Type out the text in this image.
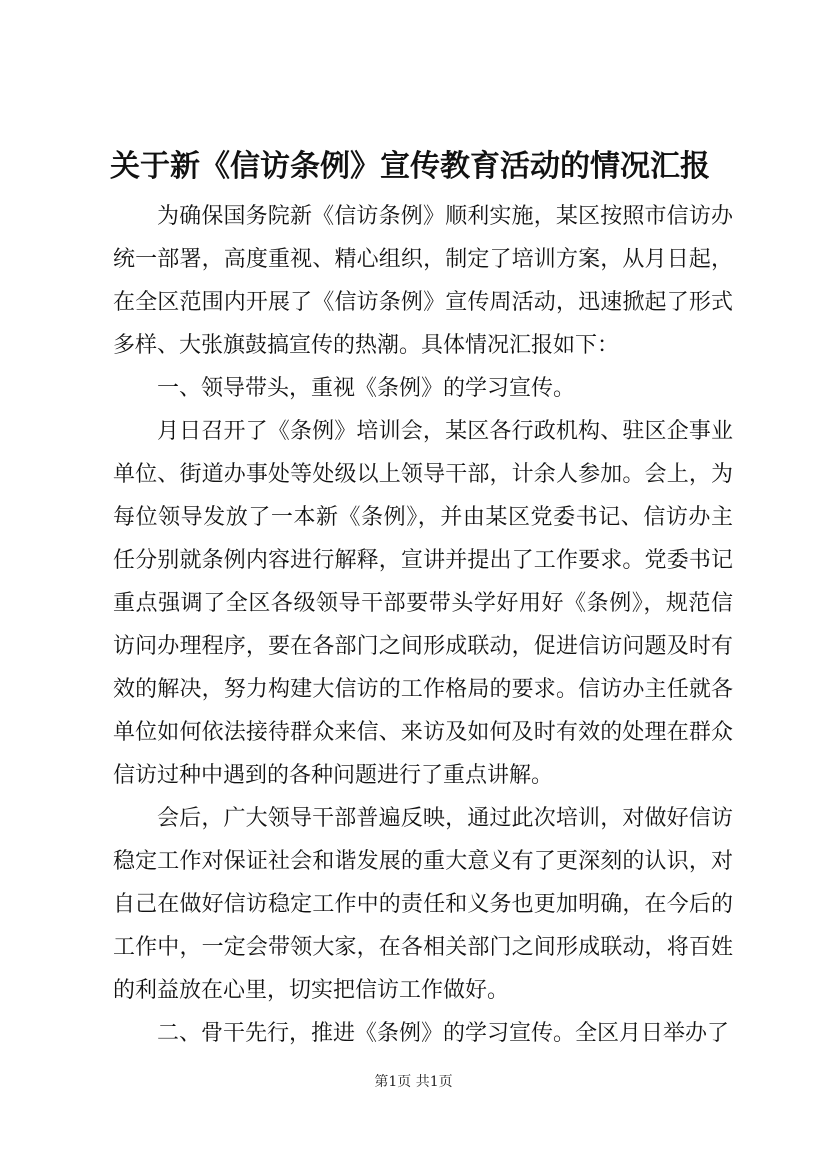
关于新《信访条例》宣传教育活动的情况汇报

为确保国务院新《信访条例》顺利实施，某区按照市信访办统一部署，高度重视、精心组织，制定了培训方案，从月日起，在全区范围内开展了《信访条例》宣传周活动，迅速掀起了形式多样、大张旗鼓搞宣传的热潮。具体情况汇报如下：

一、领导带头，重视《条例》的学习宣传。

月日召开了《条例》培训会，某区各行政机构、驻区企事业单位、街道办事处等处级以上领导干部，计余人参加。会上，为每位领导发放了一本新《条例》，并由某区党委书记、信访办主任分别就条例内容进行解释，宣讲并提出了工作要求。党委书记重点强调了全区各级领导干部要带头学好用好《条例》，规范信访问办理程序，要在各部门之间形成联动，促进信访问题及时有效的解决，努力构建大信访的工作格局的要求。信访办主任就各单位如何依法接待群众来信、来访及如何及时有效的处理在群众信访过种中遇到的各种问题进行了重点讲解。

会后，广大领导干部普遍反映，通过此次培训，对做好信访稳定工作对保证社会和谐发展的重大意义有了更深刻的认识，对自己在做好信访稳定工作中的责任和义务也更加明确，在今后的工作中，一定会带领大家，在各相关部门之间形成联动，将百姓的利益放在心里，切实把信访工作做好。

二、骨干先行，推进《条例》的学习宣传。全区月日举办了

第1页 共1页
